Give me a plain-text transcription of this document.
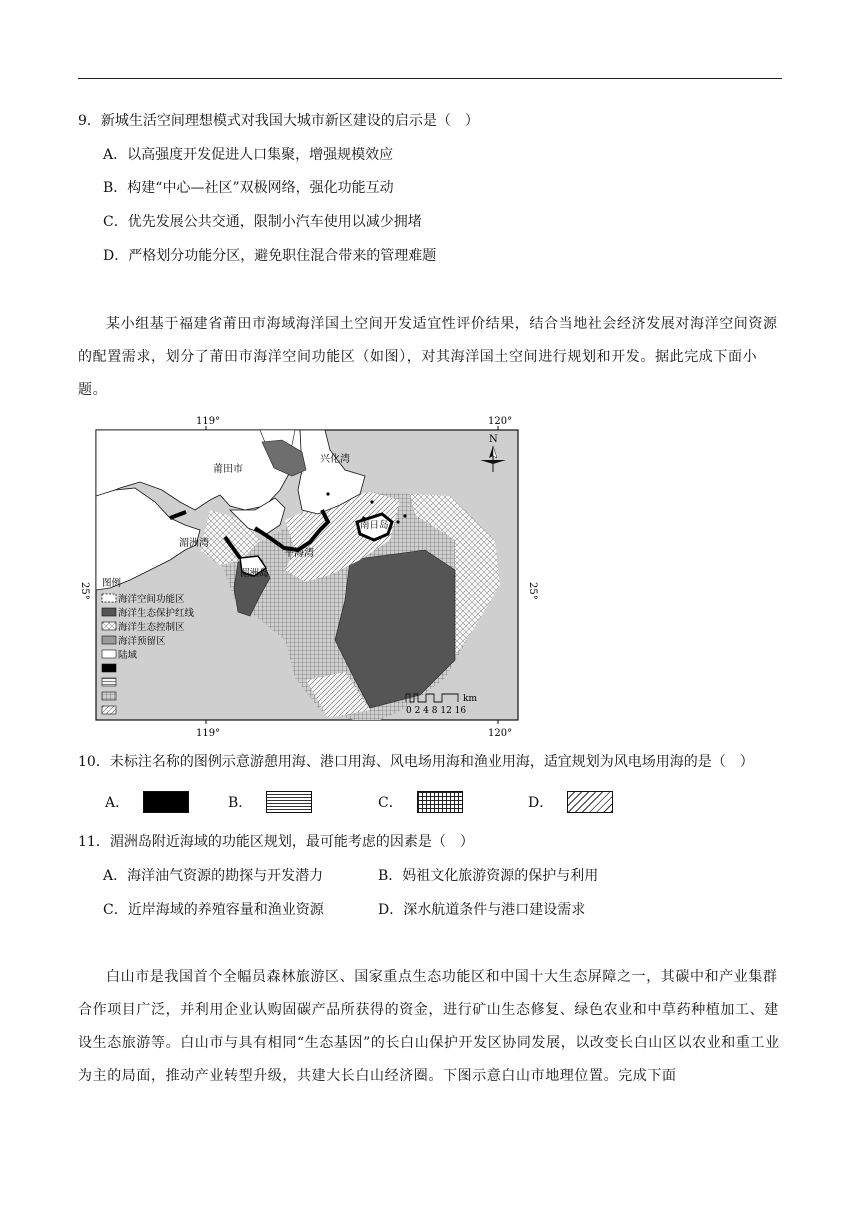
9．新城生活空间理想模式对我国大城市新区建设的启示是（　）
A．以高强度开发促进人口集聚，增强规模效应
B．构建“中心—社区”双极网络，强化功能互动
C．优先发展公共交通，限制小汽车使用以减少拥堵
D．严格划分功能分区，避免职住混合带来的管理难题
某小组基于福建省莆田市海域海洋国土空间开发适宜性评价结果，结合当地社会经济发展对海洋空间资源的配置需求，划分了莆田市海洋空间功能区（如图），对其海洋国土空间进行规划和开发。据此完成下面小题。
莆田市
兴化湾
湄洲湾
平海湾
湄洲岛
南日岛
119°	120°
119°	120°
25°	25°
N
图例
海洋空间功能区
海洋生态保护红线
海洋生态控制区
海洋预留区
陆域
0 2 4 8 12 16
km
10．未标注名称的图例示意游憩用海、港口用海、风电场用海和渔业用海，适宜规划为风电场用海的是（　）
A．	B．	C．	D．
11．湄洲岛附近海域的功能区规划，最可能考虑的因素是（　）
A．海洋油气资源的勘探与开发潜力	B．妈祖文化旅游资源的保护与利用
C．近岸海域的养殖容量和渔业资源	D．深水航道条件与港口建设需求
白山市是我国首个全幅员森林旅游区、国家重点生态功能区和中国十大生态屏障之一，其碳中和产业集群合作项目广泛，并利用企业认购固碳产品所获得的资金，进行矿山生态修复、绿色农业和中草药种植加工、建设生态旅游等。白山市与具有相同“生态基因”的长白山保护开发区协同发展，以改变长白山区以农业和重工业为主的局面，推动产业转型升级，共建大长白山经济圈。下图示意白山市地理位置。完成下面
